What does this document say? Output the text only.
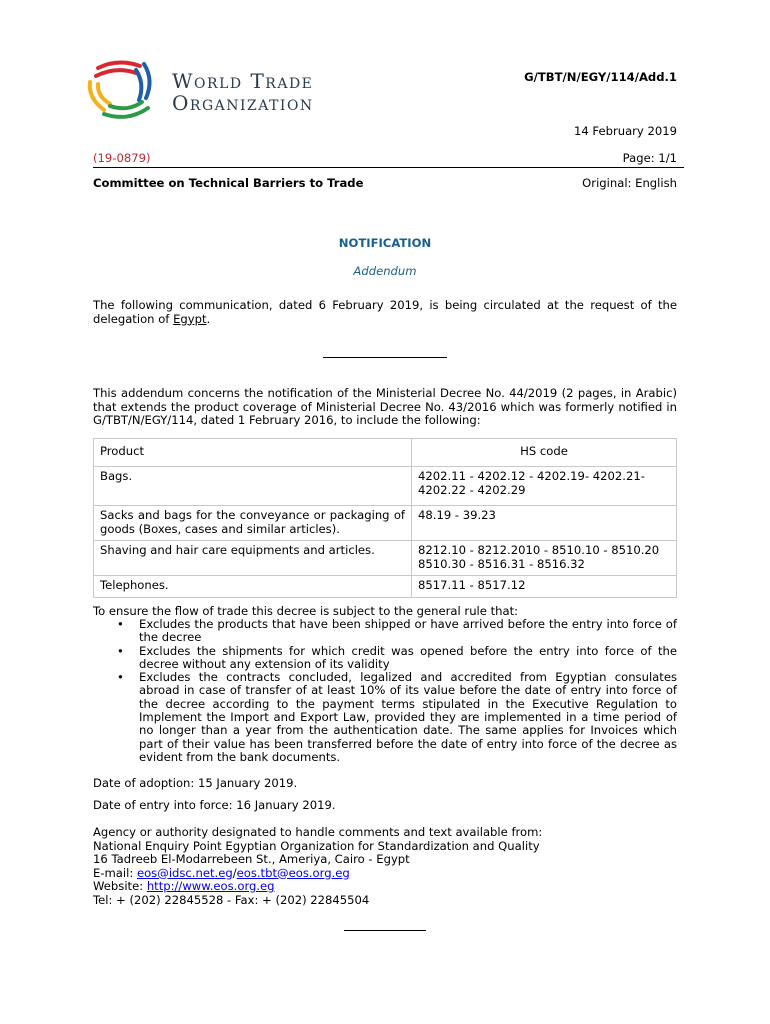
World Trade
Organization
G/TBT/N/EGY/114/Add.1
14 February 2019
(19-0879)	Page: 1/1
Committee on Technical Barriers to Trade	Original: English
NOTIFICATION
Addendum
The following communication, dated 6 February 2019, is being circulated at the request of the delegation of Egypt.
This addendum concerns the notification of the Ministerial Decree No. 44/2019 (2 pages, in Arabic) that extends the product coverage of Ministerial Decree No. 43/2016 which was formerly notified in G/TBT/N/EGY/114, dated 1 February 2016, to include the following:
Product	HS code
Bags.	4202.11 - 4202.12 - 4202.19- 4202.21- 4202.22 - 4202.29
Sacks and bags for the conveyance or packaging of goods (Boxes, cases and similar articles).	48.19 - 39.23
Shaving and hair care equipments and articles.	8212.10 - 8212.2010 - 8510.10 - 8510.20 8510.30 - 8516.31 - 8516.32
Telephones.	8517.11 - 8517.12
To ensure the flow of trade this decree is subject to the general rule that:
• Excludes the products that have been shipped or have arrived before the entry into force of the decree
• Excludes the shipments for which credit was opened before the entry into force of the decree without any extension of its validity
• Excludes the contracts concluded, legalized and accredited from Egyptian consulates abroad in case of transfer of at least 10% of its value before the date of entry into force of the decree according to the payment terms stipulated in the Executive Regulation to Implement the Import and Export Law, provided they are implemented in a time period of no longer than a year from the authentication date. The same applies for Invoices which part of their value has been transferred before the date of entry into force of the decree as evident from the bank documents.
Date of adoption: 15 January 2019.
Date of entry into force: 16 January 2019.
Agency or authority designated to handle comments and text available from:
National Enquiry Point Egyptian Organization for Standardization and Quality
16 Tadreeb El-Modarrebeen St., Ameriya, Cairo - Egypt
E-mail: eos@idsc.net.eg/eos.tbt@eos.org.eg
Website: http://www.eos.org.eg
Tel: + (202) 22845528 - Fax: + (202) 22845504
